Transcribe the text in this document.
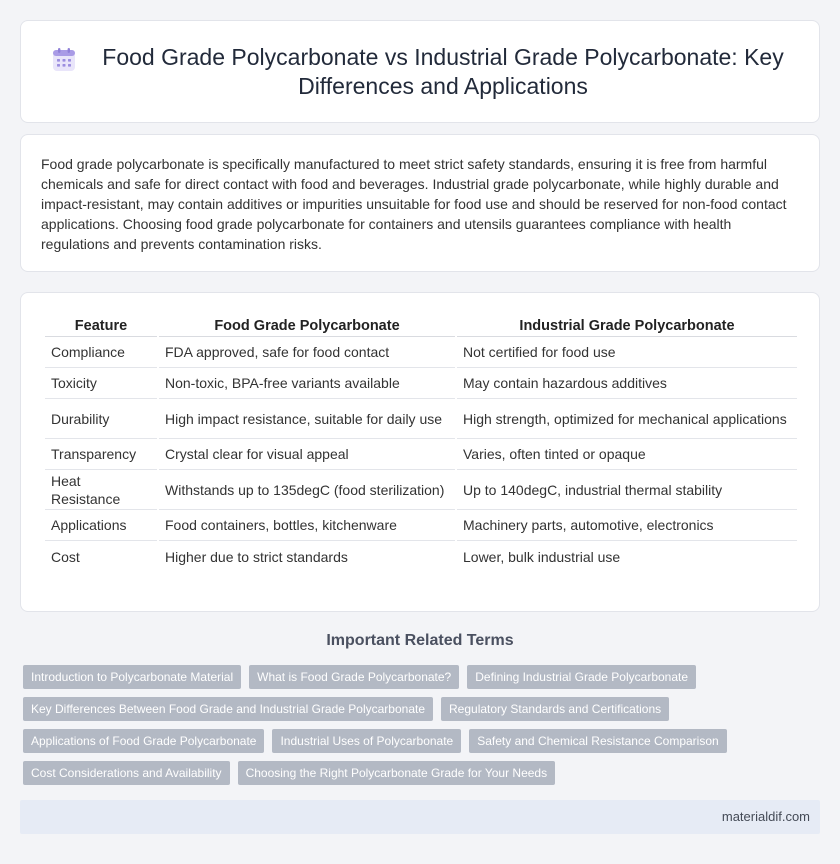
Food Grade Polycarbonate vs Industrial Grade Polycarbonate: Key Differences and Applications

Food grade polycarbonate is specifically manufactured to meet strict safety standards, ensuring it is free from harmful chemicals and safe for direct contact with food and beverages. Industrial grade polycarbonate, while highly durable and impact-resistant, may contain additives or impurities unsuitable for food use and should be reserved for non-food contact applications. Choosing food grade polycarbonate for containers and utensils guarantees compliance with health regulations and prevents contamination risks.

Feature	Food Grade Polycarbonate	Industrial Grade Polycarbonate
Compliance	FDA approved, safe for food contact	Not certified for food use
Toxicity	Non-toxic, BPA-free variants available	May contain hazardous additives
Durability	High impact resistance, suitable for daily use	High strength, optimized for mechanical applications
Transparency	Crystal clear for visual appeal	Varies, often tinted or opaque
Heat Resistance	Withstands up to 135degC (food sterilization)	Up to 140degC, industrial thermal stability
Applications	Food containers, bottles, kitchenware	Machinery parts, automotive, electronics
Cost	Higher due to strict standards	Lower, bulk industrial use
Important Related Terms
Introduction to Polycarbonate Material	What is Food Grade Polycarbonate?	Defining Industrial Grade Polycarbonate
Key Differences Between Food Grade and Industrial Grade Polycarbonate	Regulatory Standards and Certifications
Applications of Food Grade Polycarbonate	Industrial Uses of Polycarbonate	Safety and Chemical Resistance Comparison
Cost Considerations and Availability	Choosing the Right Polycarbonate Grade for Your Needs
materialdif.com
